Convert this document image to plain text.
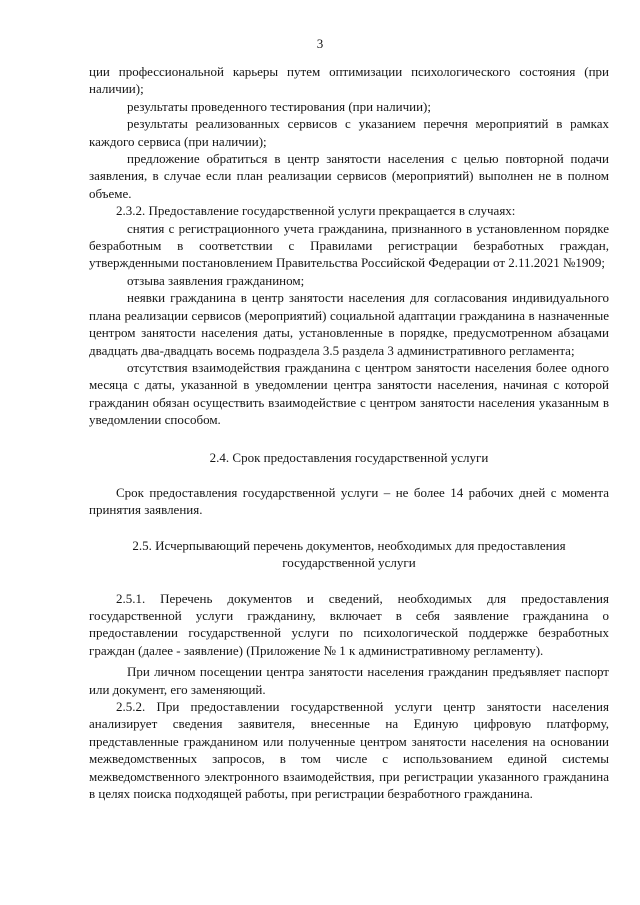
3

ции профессиональной карьеры путем оптимизации психологического состояния (при наличии);

результаты проведенного тестирования (при наличии);

результаты реализованных сервисов с указанием перечня мероприятий в рамках каждого сервиса (при наличии);

предложение обратиться в центр занятости населения с целью повторной подачи заявления, в случае если план реализации сервисов (мероприятий) выполнен не в полном объеме.

2.3.2. Предоставление государственной услуги прекращается в случаях:

снятия с регистрационного учета гражданина, признанного в установленном порядке безработным в соответствии с Правилами регистрации безработных граждан, утвержденными постановлением Правительства Российской Федерации от 2.11.2021 №1909;

отзыва заявления гражданином;

неявки гражданина в центр занятости населения для согласования индивидуального плана реализации сервисов (мероприятий) социальной адаптации гражданина в назначенные центром занятости населения даты, установленные в порядке, предусмотренном абзацами двадцать два-двадцать восемь подраздела 3.5 раздела 3 административного регламента;

отсутствия взаимодействия гражданина с центром занятости населения более одного месяца с даты, указанной в уведомлении центра занятости населения, начиная с которой гражданин обязан осуществить взаимодействие с центром занятости населения указанным в уведомлении способом.

2.4. Срок предоставления государственной услуги

Срок предоставления государственной услуги – не более 14 рабочих дней с момента принятия заявления.

2.5. Исчерпывающий перечень документов, необходимых для предоставления государственной услуги

2.5.1. Перечень документов и сведений, необходимых для предоставления государственной услуги гражданину, включает в себя заявление гражданина о предоставлении государственной услуги по психологической поддержке безработных граждан (далее - заявление) (Приложение № 1 к административному регламенту).

При личном посещении центра занятости населения гражданин предъявляет паспорт или документ, его заменяющий.

2.5.2. При предоставлении государственной услуги центр занятости населения анализирует сведения заявителя, внесенные на Единую цифровую платформу, представленные гражданином или полученные центром занятости населения на основании межведомственных запросов, в том числе с использованием единой системы межведомственного электронного взаимодействия, при регистрации указанного гражданина в целях поиска подходящей работы, при регистрации безработного гражданина.
